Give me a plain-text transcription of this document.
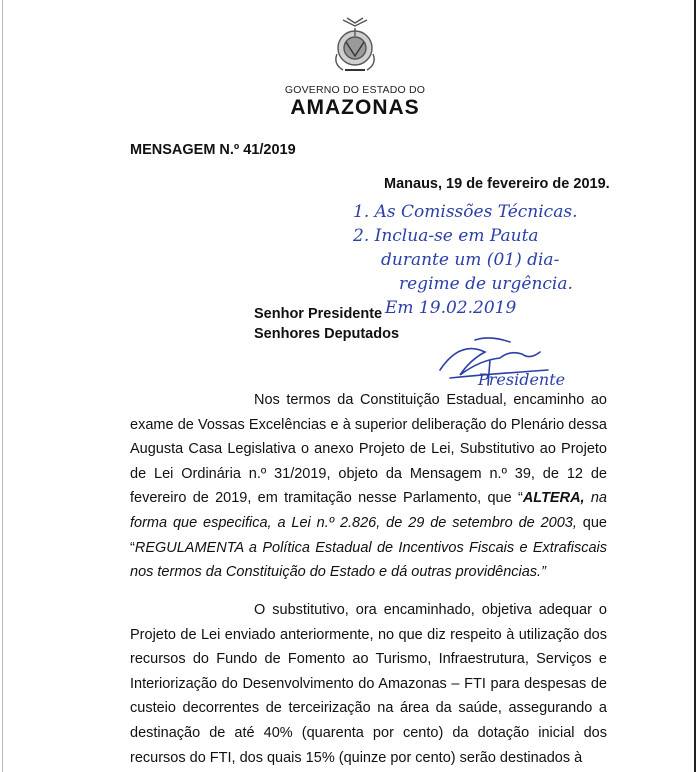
GOVERNO DO ESTADO DO
AMAZONAS
MENSAGEM N.º 41/2019
Manaus, 19 de fevereiro de 2019.
1. As Comissões Técnicas.
2. Inclua-se em Pauta
durante um (01) dia-
regime de urgência.
Em 19.02.2019
Senhor Presidente
Senhores Deputados
Presidente
Nos termos da Constituição Estadual, encaminho ao exame de Vossas Excelências e à superior deliberação do Plenário dessa Augusta Casa Legislativa o anexo Projeto de Lei, Substitutivo ao Projeto de Lei Ordinária n.º 31/2019, objeto da Mensagem n.º 39, de 12 de fevereiro de 2019, em tramitação nesse Parlamento, que “ALTERA, na forma que especifica, a Lei n.º 2.826, de 29 de setembro de 2003, que “REGULAMENTA a Política Estadual de Incentivos Fiscais e Extrafiscais nos termos da Constituição do Estado e dá outras providências.”
O substitutivo, ora encaminhado, objetiva adequar o Projeto de Lei enviado anteriormente, no que diz respeito à utilização dos recursos do Fundo de Fomento ao Turismo, Infraestrutura, Serviços e Interiorização do Desenvolvimento do Amazonas – FTI para despesas de custeio decorrentes de terceirização na área da saúde, assegurando a destinação de até 40% (quarenta por cento) da dotação inicial dos recursos do FTI, dos quais 15% (quinze por cento) serão destinados à
